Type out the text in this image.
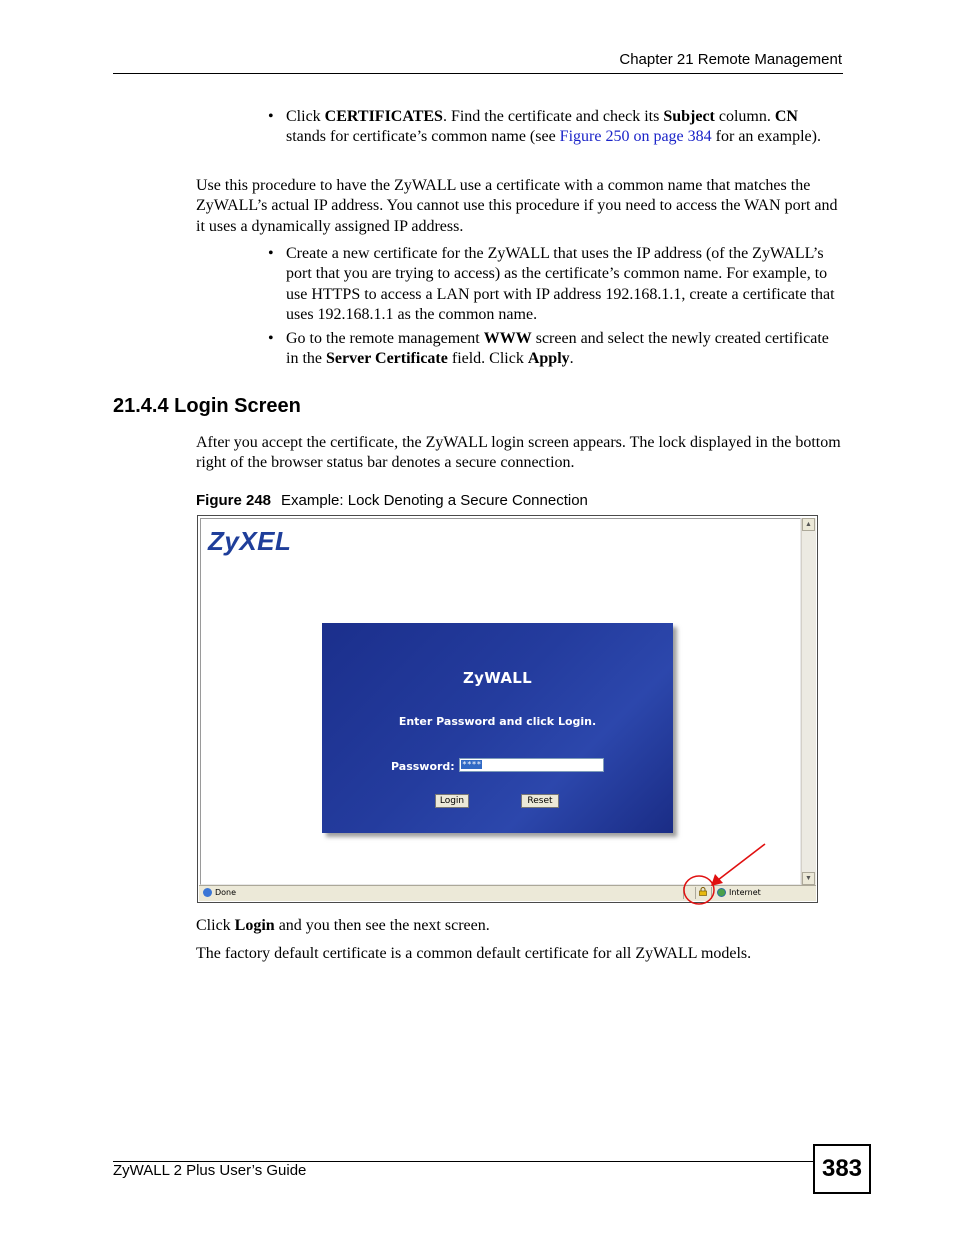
Chapter 21 Remote Management
• Click CERTIFICATES. Find the certificate and check its Subject column. CN stands for certificate’s common name (see Figure 250 on page 384 for an example).
Use this procedure to have the ZyWALL use a certificate with a common name that matches the ZyWALL’s actual IP address. You cannot use this procedure if you need to access the WAN port and it uses a dynamically assigned IP address.
• Create a new certificate for the ZyWALL that uses the IP address (of the ZyWALL’s port that you are trying to access) as the certificate’s common name. For example, to use HTTPS to access a LAN port with IP address 192.168.1.1, create a certificate that uses 192.168.1.1 as the common name.
• Go to the remote management WWW screen and select the newly created certificate in the Server Certificate field. Click Apply.
21.4.4 Login Screen
After you accept the certificate, the ZyWALL login screen appears. The lock displayed in the bottom right of the browser status bar denotes a secure connection.
Figure 248 Example: Lock Denoting a Secure Connection
ZyXEL
▲
▼
ZyWALL
Enter Password and click Login.
Password: ****
Login	Reset
Done	Internet
Click Login and you then see the next screen.
The factory default certificate is a common default certificate for all ZyWALL models.
ZyWALL 2 Plus User’s Guide	383
